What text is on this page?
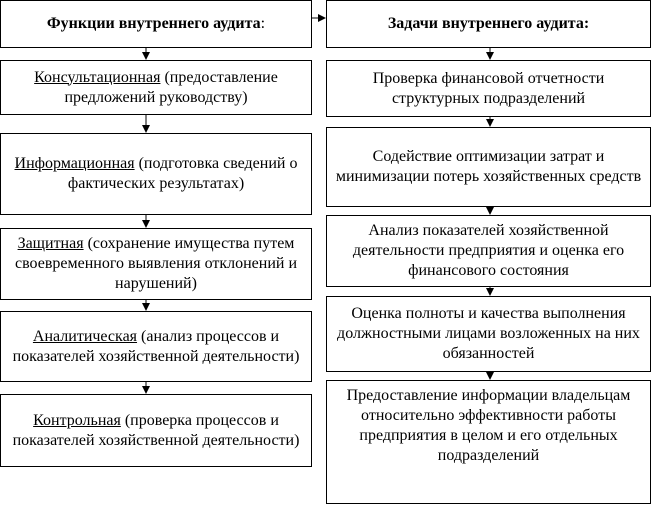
Функции внутреннего аудита:

Консультационная (предоставление предложений руководству)

Информационная (подготовка сведений о фактических результатах)

Защитная (сохранение имущества путем своевременного выявления отклонений и нарушений)

Аналитическая (анализ процессов и показателей хозяйственной деятельности)

Контрольная (проверка процессов и показателей хозяйственной деятельности)

Задачи внутреннего аудита:

Проверка финансовой отчетности структурных подразделений

Содействие оптимизации затрат и минимизации потерь хозяйственных средств

Анализ показателей хозяйственной деятельности предприятия и оценка его финансового состояния

Оценка полноты и качества выполнения должностными лицами возложенных на них обязанностей

Предоставление информации владельцам относительно эффективности работы предприятия в целом и его отдельных подразделений
